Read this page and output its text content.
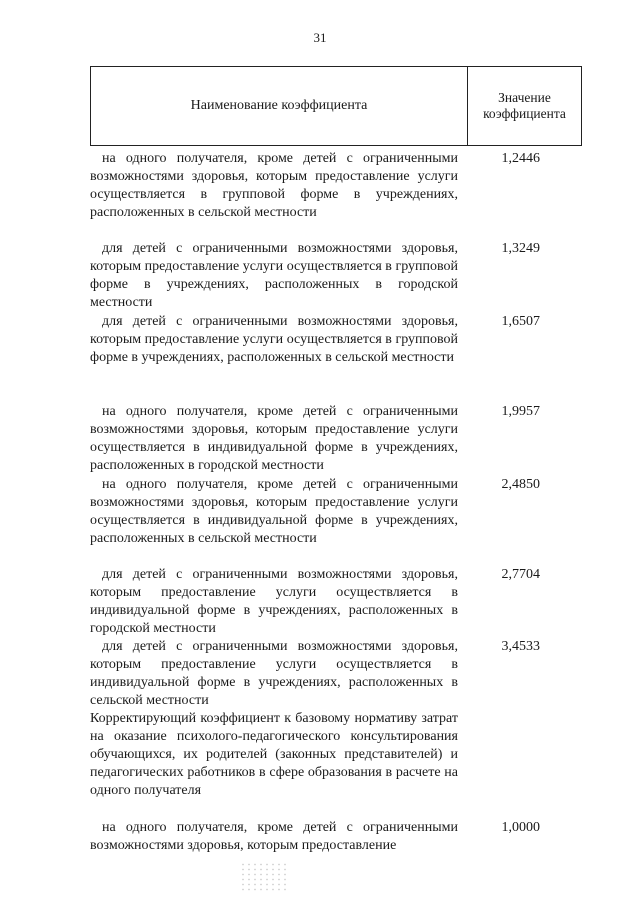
31
Наименование коэффициента
Значение коэффициента

на одного получателя, кроме детей с ограниченными возможностями здоровья, которым предоставление услуги осуществляется в групповой форме в учреждениях, расположенных в сельской местности

1,2446

для детей с ограниченными возможностями здоровья, которым предоставление услуги осуществляется в групповой форме в учреждениях, расположенных в городской местности

1,3249

для детей с ограниченными возможностями здоровья, которым предоставление услуги осуществляется в групповой форме в учреждениях, расположенных в сельской местности

1,6507

на одного получателя, кроме детей с ограниченными возможностями здоровья, которым предоставление услуги осуществляется в индивидуальной форме в учреждениях, расположенных в городской местности

1,9957

на одного получателя, кроме детей с ограниченными возможностями здоровья, которым предоставление услуги осуществляется в индивидуальной форме в учреждениях, расположенных в сельской местности

2,4850

для детей с ограниченными возможностями здоровья, которым предоставление услуги осуществляется в индивидуальной форме в учреждениях, расположенных в городской местности

2,7704

для детей с ограниченными возможностями здоровья, которым предоставление услуги осуществляется в индивидуальной форме в учреждениях, расположенных в сельской местности

3,4533

Корректирующий коэффициент к базовому нормативу затрат на оказание психолого-педагогического консультирования обучающихся, их родителей (законных представителей) и педагогических работников в сфере образования в расчете на одного получателя

на одного получателя, кроме детей с ограниченными возможностями здоровья, которым предоставление

1,0000
